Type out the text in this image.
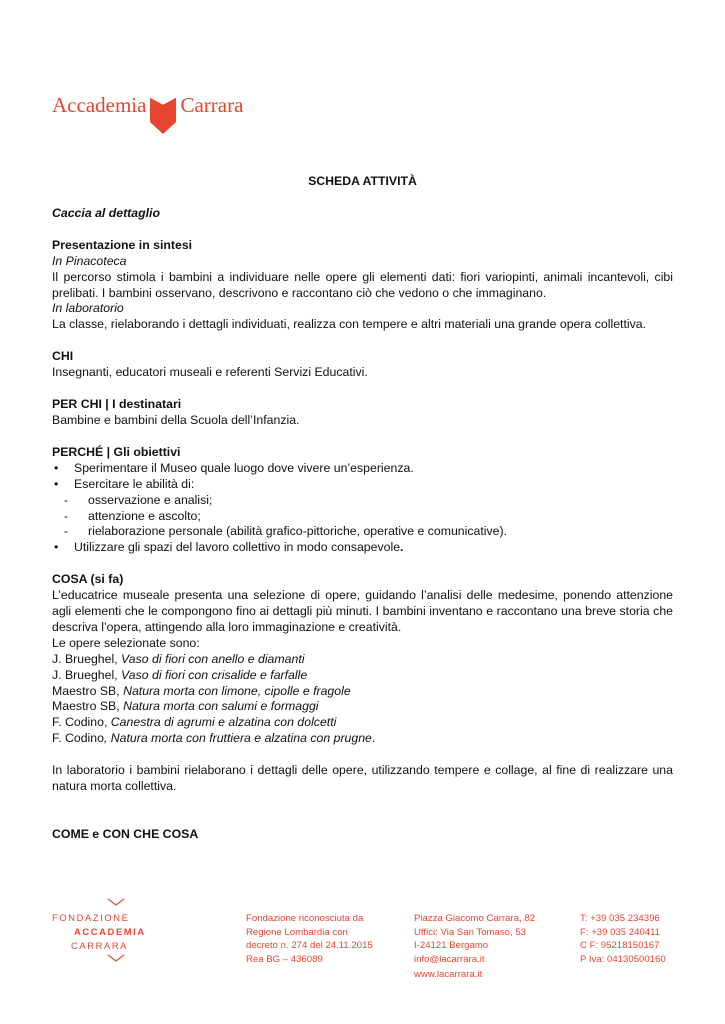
Accademia Carrara
SCHEDA ATTIVITÀ
Caccia al dettaglio
Presentazione in sintesi
In Pinacoteca
Il percorso stimola i bambini a individuare nelle opere gli elementi dati: fiori variopinti, animali incantevoli, cibi prelibati. I bambini osservano, descrivono e raccontano ciò che vedono o che immaginano.
In laboratorio
La classe, rielaborando i dettagli individuati, realizza con tempere e altri materiali una grande opera collettiva.
CHI
Insegnanti, educatori museali e referenti Servizi Educativi.
PER CHI | I destinatari
Bambine e bambini della Scuola dell’Infanzia.
PERCHÉ | Gli obiettivi
• Sperimentare il Museo quale luogo dove vivere un’esperienza.
• Esercitare le abilità di:
- osservazione e analisi;
- attenzione e ascolto;
- rielaborazione personale (abilità grafico-pittoriche, operative e comunicative).
• Utilizzare gli spazi del lavoro collettivo in modo consapevole.
COSA (si fa)
L’educatrice museale presenta una selezione di opere, guidando l’analisi delle medesime, ponendo attenzione agli elementi che le compongono fino ai dettagli più minuti. I bambini inventano e raccontano una breve storia che descriva l’opera, attingendo alla loro immaginazione e creatività.
Le opere selezionate sono:
J. Brueghel, Vaso di fiori con anello e diamanti
J. Brueghel, Vaso di fiori con crisalide e farfalle
Maestro SB, Natura morta con limone, cipolle e fragole
Maestro SB, Natura morta con salumi e formaggi
F. Codino, Canestra di agrumi e alzatina con dolcetti
F. Codino, Natura morta con fruttiera e alzatina con prugne.
In laboratorio i bambini rielaborano i dettagli delle opere, utilizzando tempere e collage, al fine di realizzare una natura morta collettiva.
COME e CON CHE COSA
FONDAZIONE
ACCADEMIA
CARRARA
Fondazione riconosciuta da
Regione Lombardia con
decreto n. 274 del 24.11.2015
Rea BG – 436089
Piazza Giacomo Carrara, 82
Uffici: Via San Tomaso, 53
I-24121 Bergamo
info@lacarrara.it
T: +39 035 234396
F: +39 035 240411
C F: 95218150167
P Iva: 04130500160
www.lacarrara.it
